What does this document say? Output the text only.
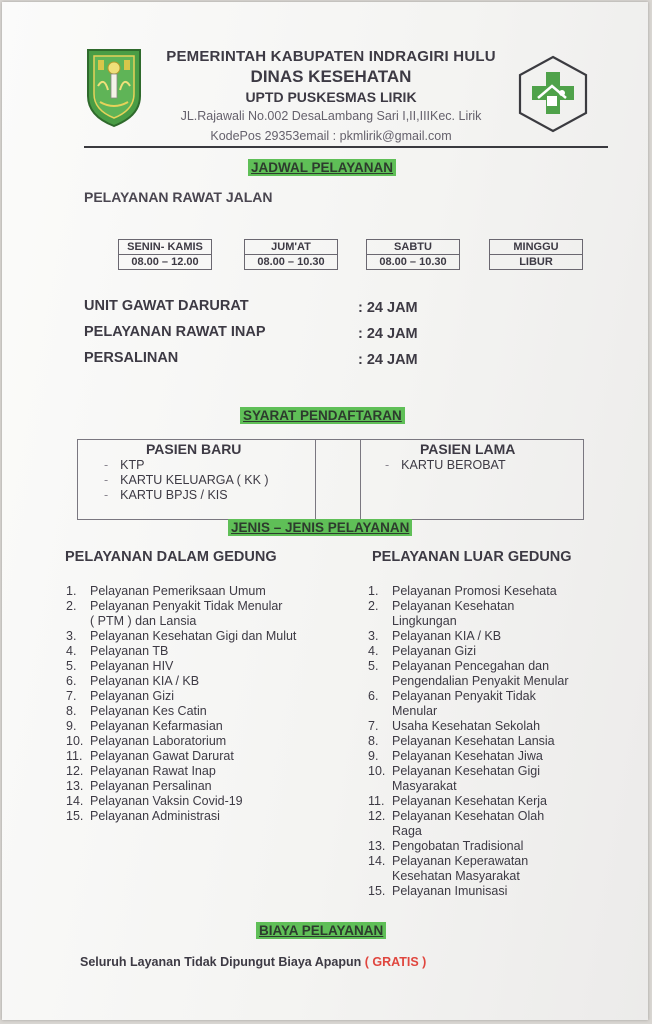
PEMERINTAH KABUPATEN INDRAGIRI HULU
DINAS KESEHATAN
UPTD PUSKESMAS LIRIK
JL.Rajawali No.002 DesaLambang Sari I,II,IIIKec. Lirik
KodePos 29353email : pkmlirik@gmail.com
JADWAL PELAYANAN
PELAYANAN RAWAT JALAN
SENIN- KAMIS
08.00 – 12.00
JUM'AT
08.00 – 10.30
SABTU
08.00 – 10.30
MINGGU
LIBUR
UNIT GAWAT DARURAT	: 24 JAM
PELAYANAN RAWAT INAP	: 24 JAM
PERSALINAN	: 24 JAM
SYARAT PENDAFTARAN
PASIEN BARU
- KTP
- KARTU KELUARGA ( KK )
- KARTU BPJS / KIS
PASIEN LAMA
- KARTU BEROBAT
JENIS – JENIS PELAYANAN
PELAYANAN DALAM GEDUNG	PELAYANAN LUAR GEDUNG
1. Pelayanan Pemeriksaan Umum
2. Pelayanan Penyakit Tidak Menular
( PTM ) dan Lansia
3. Pelayanan Kesehatan Gigi dan Mulut
4. Pelayanan TB
5. Pelayanan HIV
6. Pelayanan KIA / KB
7. Pelayanan Gizi
8. Pelayanan Kes Catin
9. Pelayanan Kefarmasian
10. Pelayanan Laboratorium
11. Pelayanan Gawat Darurat
12. Pelayanan Rawat Inap
13. Pelayanan Persalinan
14. Pelayanan Vaksin Covid-19
15. Pelayanan Administrasi
1. Pelayanan Promosi Kesehata
2. Pelayanan Kesehatan
Lingkungan
3. Pelayanan KIA / KB
4. Pelayanan Gizi
5. Pelayanan Pencegahan dan
Pengendalian Penyakit Menular
6. Pelayanan Penyakit Tidak
Menular
7. Usaha Kesehatan Sekolah
8. Pelayanan Kesehatan Lansia
9. Pelayanan Kesehatan Jiwa
10. Pelayanan Kesehatan Gigi
Masyarakat
11. Pelayanan Kesehatan Kerja
12. Pelayanan Kesehatan Olah
Raga
13. Pengobatan Tradisional
14. Pelayanan Keperawatan
Kesehatan Masyarakat
15. Pelayanan Imunisasi
BIAYA PELAYANAN
Seluruh Layanan Tidak Dipungut Biaya Apapun ( GRATIS )
